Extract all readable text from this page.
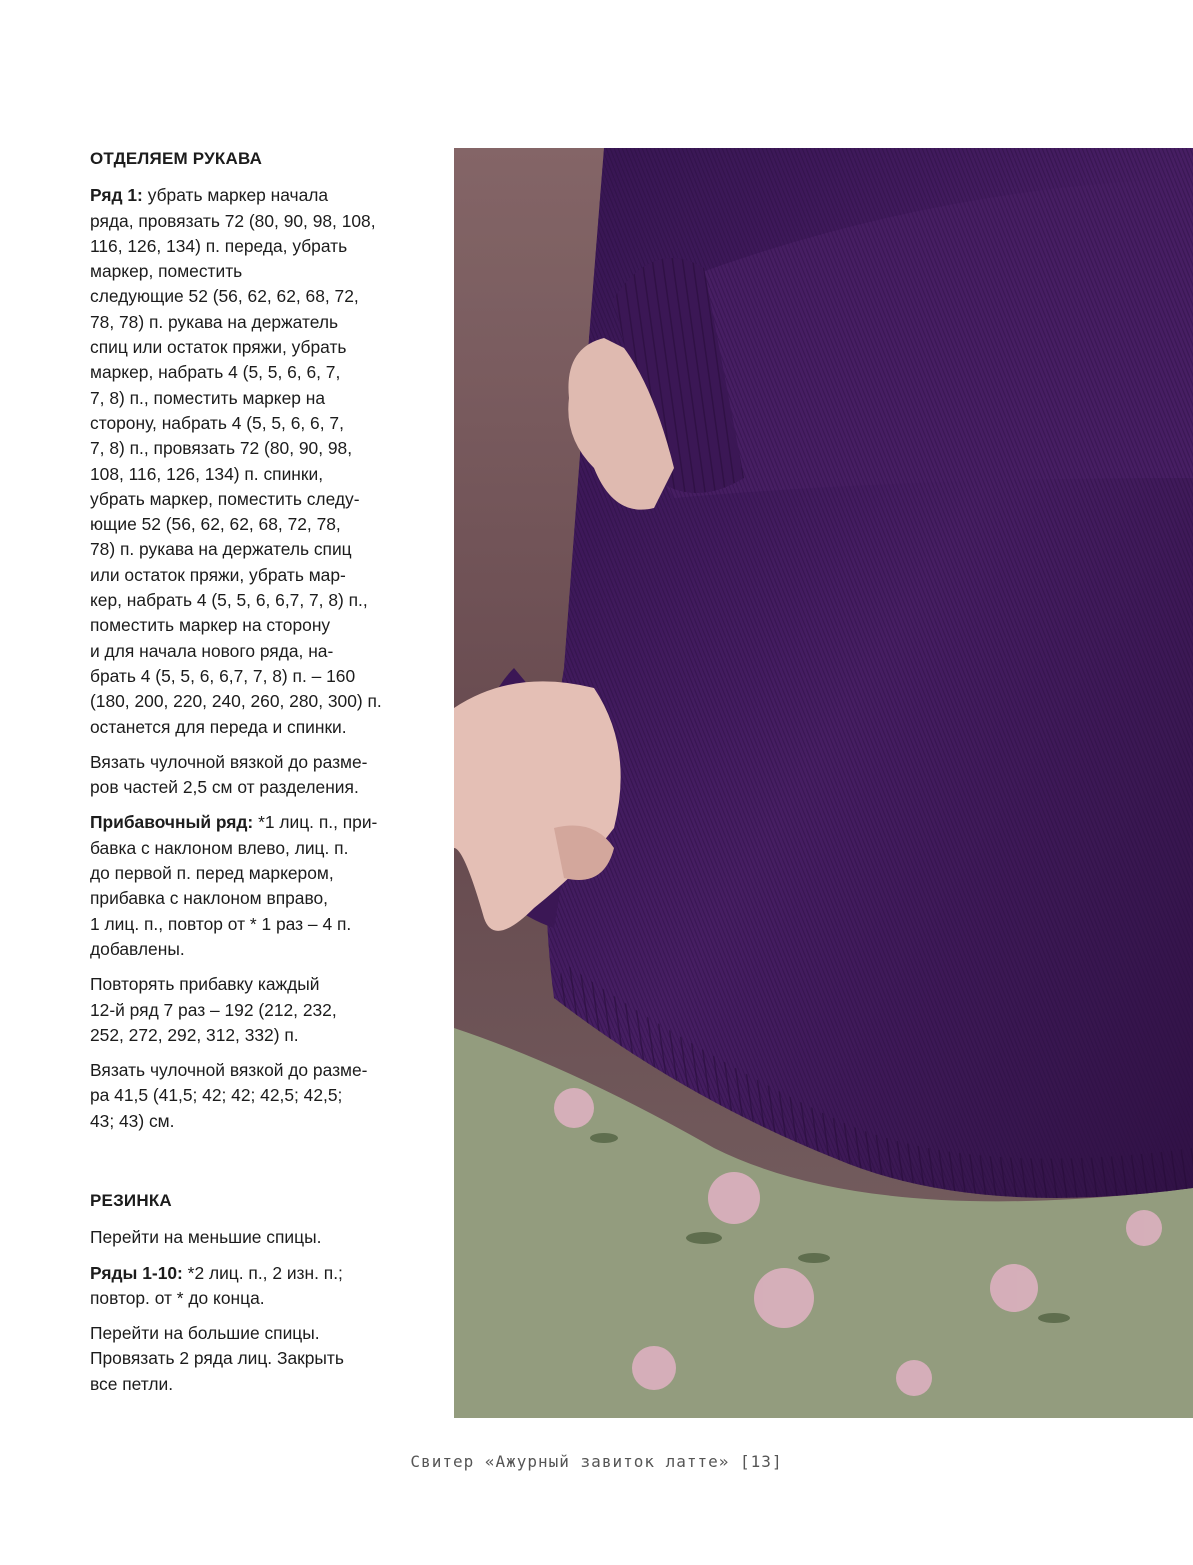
ОТДЕЛЯЕМ РУКАВА

Ряд 1: убрать маркер начала
ряда, провязать 72 (80, 90, 98, 108,
116, 126, 134) п. переда, убрать
маркер, поместить
следующие 52 (56, 62, 62, 68, 72,
78, 78) п. рукава на держатель
спиц или остаток пряжи, убрать
маркер, набрать 4 (5, 5, 6, 6, 7,
7, 8) п., поместить маркер на
сторону, набрать 4 (5, 5, 6, 6, 7,
7, 8) п., провязать 72 (80, 90, 98,
108, 116, 126, 134) п. спинки,
убрать маркер, поместить следу-
ющие 52 (56, 62, 62, 68, 72, 78,
78) п. рукава на держатель спиц
или остаток пряжи, убрать мар-
кер, набрать 4 (5, 5, 6, 6,7, 7, 8) п.,
поместить маркер на сторону
и для начала нового ряда, на-
брать 4 (5, 5, 6, 6,7, 7, 8) п. – 160
(180, 200, 220, 240, 260, 280, 300) п.
останется для переда и спинки.

Вязать чулочной вязкой до разме-
ров частей 2,5 см от разделения.

Прибавочный ряд: *1 лиц. п., при-
бавка с наклоном влево, лиц. п.
до первой п. перед маркером,
прибавка с наклоном вправо,
1 лиц. п., повтор от * 1 раз – 4 п.
добавлены.

Повторять прибавку каждый
12-й ряд 7 раз – 192 (212, 232,
252, 272, 292, 312, 332) п.

Вязать чулочной вязкой до разме-
ра 41,5 (41,5; 42; 42; 42,5; 42,5;
43; 43) см.

РЕЗИНКА

Перейти на меньшие спицы.

Ряды 1-10: *2 лиц. п., 2 изн. п.;
повтор. от * до конца.

Перейти на большие спицы.
Провязать 2 ряда лиц. Закрыть
все петли.

Свитер «Ажурный завиток латте» [13]
